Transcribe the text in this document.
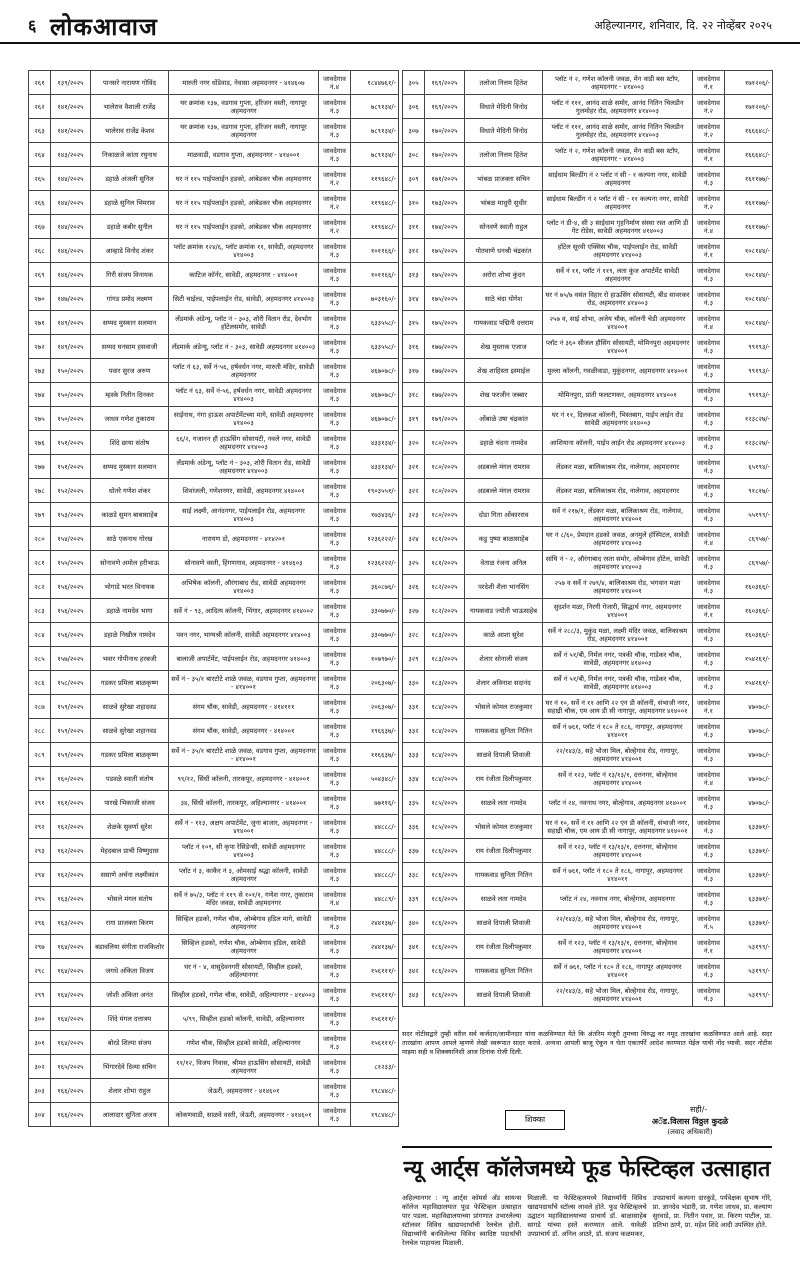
६ लोकआवाज	अहिल्यानगर, शनिवार, दि. २२ नोव्हेंबर २०२५
२६१	१३९/२०२५	पानसरे नारायण गोविंद	मारुती नगर धोंडेवाड, नेवासा अहमदनगर - ४१४६०७	जावदेगाव नं.४	१८४४७६१/-
२६२	१४१/२०२५	भालेराव वैशाली राजेंद्र	घर क्रमांक १३७, वडगाव गुप्ता, हरिजन वस्ती, नागापूर अहमदनगर	जावदेगाव नं.३	७८९१३४/-
२६३	१४१/२०२५	भालेराव राजेंद्र केशव	घर क्रमांक १३७, वडगाव गुप्ता, हरिजन वस्ती, नागापूर अहमदनगर	जावदेगाव नं.३	७८९१३४/-
२६४	१४३/२०२५	निकाळजे कांता रघुनाथ	माळवाडी, वडगाव गुप्ता, अहमदनगर - ४१४००१	जावदेगाव नं.३	७८९१३४/-
२६५	१४४/२०२५	डहाळे अंजली सुनिल	घर नं ११५ पाईपलाईन हडको, आंबेडकर चौक अहमदनगर	जावदेगाव नं.२	११९६४८/-
२६६	१४४/२०२५	डहाळे सुनिल भिमराव	घर नं ११५ पाईपलाईन हडको, आंबेडकर चौक अहमदनगर	जावदेगाव नं.२	११९६४८/-
२६७	१४४/२०२५	डहाळे कबीर सुनील	घर नं ११५ पाईपलाईन हडको, आंबेडकर चौक अहमदनगर	जावदेगाव नं.२	११९६४८/-
२६८	१४६/२०२५	आव्हाडे विनोद शंकर	प्लॉट क्रमांक १२४/६, प्लॉट क्रमांक ११, सावेडी, अहमदनगर ४१४००३	जावदेगाव नं.३	१०११६६/-
२६९	१४६/२०२५	गिरी संजय विनायक	काटिज कॉर्नर, सावेडी, अहमदनगर - ४१४००१	जावदेगाव नं.३	१०११६६/-
२७०	१४७/२०२५	गांगड प्रमोद लक्ष्मण	सिटी चाईल्ड, पाईपलाईन रोड, सावेडी, अहमदनगर ४१४००३	जावदेगाव नं.३	७०३१६०/-
२७१	१४९/२०२५	सय्यद मुस्कान सलमान	लँडमार्क अंडेन्यू, प्लॉट नं - ३०३, शोरी वितान रोड, देवभोग हॉटेलसमोर, सावेडी	जावदेगाव नं.३	६३३५५८/-
२७२	१४९/२०२५	सय्यद घनसाम हसवाजी	लँडमार्क अंडेन्यू, प्लॉट नं - ३०३, सावेडी अहमदनगर ४१४००३	जावदेगाव नं.३	६३३५५८/-
२७३	१५०/२०२५	पवार सुरज अरुण	प्लॉट नं ६३, सर्वे नं-५६, हर्षवर्धन नगर, मारुती मंदिर, सावेडी अहमदनगर	जावदेगाव नं.३	४६७०७८/-
२७४	१५०/२०२५	म्हस्के नितीन दिनकर	प्लॉट नं ६३, सर्वे नं-५६, हर्षवर्धन नगर, सावेडी अहमदनगर ४१४००३	जावदेगाव नं.३	४६७०७८/-
२७५	१५०/२०२५	जाधव गणेश तुकाराम	साईनाथ, गंगा हाऊस अपार्टमेंटच्या मागे, सावेडी अहमदनगर ४१४००३	जावदेगाव नं.३	४६७०७८/-
२७६	१५१/२०२५	शिंदे छाया संतोष	६६/२, गजानन हौ हाऊसिंग सोसायटी, नवले नगर, सावेडी अहमदनगर ४१४००३	जावदेगाव नं.३	४३३१३४/-
२७७	१५१/२०२५	सय्यद मुस्कान सलमान	लँडमार्क अंडेन्यू, प्लॉट नं - ३०३, शोरी वितान रोड, सावेडी अहमदनगर ४१४००३	जावदेगाव नं.३	४३३१३४/-
२७८	१५२/२०२५	धोतरे गणेश शंकर	शिवांजली, गणेशनगर, सावेडी, अहमदनगर ४१४००१	जावदेगाव नं.३	१९०३५५१/-
२७९	१५३/२०२५	काळडे सुमन बाबासाहेब	साई लक्ष्मी, आनंदनगर, पाईपलाईन रोड, अहमदनगर ४१४००३	जावदेगाव नं.३	१७३४३६/-
२८०	१५४/२०२५	साठे एकनाथ गोरख	नारायण डो, अहमदनगर - ४१४२०१	जावदेगाव नं.३	१२३६२२२/-
२८१	१५५/२०२५	सोनावणे अमोल हरीभाऊ	सोनावणे वस्ती, हिंगणगाव, अहमदनगर - ४१४६०३	जावदेगाव नं.३	१२३६२२२/-
२८२	१५६/२०२५	भोगाडे भरत विनायक	अभिषेक कॉलनी, औरंगाबाद रोड, सावेडी अहमदनगर ४१४००३	जावदेगाव नं.३	३६०८७६/-
२८३	१५६/२०२५	डहाळे नामदेव भागा	सर्वे नं - ९३, आदित्य कॉलनी, भिंगार, अहमदनगर ४१४००२	जावदेगाव नं.३	३३०७७०/-
२८४	१५६/२०२५	डहाळे निखील नामदेव	पवन नगर, भाग्यश्री कॉलनी, सावेडी अहमदनगर ४१४००३	जावदेगाव नं.३	३३०७७०/-
२८५	१५७/२०२५	भवार गोपीनाथ हरबजी	बालाजी अपार्टमेंट, पाईपलाईन रोड, अहमदनगर ४१४००३	जावदेगाव नं.३	१०७९७०/-
२८६	१५८/२०२५	गडकर प्रमिला बाळकृष्ण	सर्वे नं - ३५/१ बारटोटे शाळे जवळ, वडगाव गुप्ता, अहमदनगर - ४१४००१	जावदेगाव नं.३	२०६३०७/-
२८७	१५९/२०२५	साळवे सुरेखा शहादवड	संगम चौक, सावेडी, अहमदनगर - ४१४१११	जावदेगाव नं.३	२०६३०७/-
२८८	१५९/२०२५	साळवे सुरेखा शहानवड	संगम चौक, सावेडी, अहमदनगर - ४१४००१	जावदेगाव नं.३	१९६६३७/-
२८९	१५९/२०२५	गडकर प्रमिला बाळकृष्ण	सर्वे नं - ३५/१ बारटोटे शाळे जवळ, वडगाव गुप्ता, अहमदनगर - ४१४००१	जावदेगाव नं.३	११६६३७/-
२९०	१६०/२०२५	पडवळे स्वाती संतोष	९९/१२, सिंधी कॉलनी, तारकपूर, अहमदनगर - ४१४००१	जावदेगाव नं.३	५०४३४८/-
२९१	१६१/२०२५	पारखे भिकाजी संजय	३४, सिंधी कॉलनी, तारकपूर, अहिल्यानगर - ४१४००१	जावदेगाव नं.३	७७११६/-
२९२	१६२/२०२५	शेळके सुवर्णा सुरेश	सर्वे नं - ११३, अक्षय अपार्टमेंट, जुना बाजार, अहमदनगर - ४१४००१	जावदेगाव नं.३	४४८८८/-
२९३	१६२/२०२५	मेहदबाल प्राची विष्णुदास	प्लॉट नं १०९, सी कृपा रेसिडेन्सी, सावेडी अहमदनगर ४१४००३	जावदेगाव नं.३	४४८८८/-
२९४	१६२/२०२५	ससाणे अर्चना लक्ष्मीकांत	प्लॉट नं ३, काकैर नं ३, ओमसाई श्रद्धा कॉलनी, सावेडी अहमदनगर	जावदेगाव नं.३	४४८८८/-
२९५	१६३/२०२५	भोसले मंगल संतोष	सर्वे नं ७५/३, प्लॉट नं ११९ से १०१/१, गणेश नगर, तुकाराम मंदिर जवळ, सावेडी अहमदनगर	जावदेगाव नं.४	४४८८९/-
२९६	१६३/२०२५	रागा प्राजक्ता किरण	सिव्हिल हडको, गणेश चौक, ओम्बेगाव हडिल मागे, सावेडी अहमदनगर	जावदेगाव नं.३	२४४१३७/-
२९७	१६४/२०२५	बडावलिया संगीता राजकिशोर	सिव्हिल हडको, गणेश चौक, ओम्बेगाव हडिल, सावेडी अहमदनगर	जावदेगाव नं.३	२४४१३७/-
२९८	१६४/२०२५	जगधे अंकिता विजय	घर नं - ४, वासुदेवनगरी सोसायटी, सिव्हील हडको, अहिल्यानगर	जावदेगाव नं.३	१५६१११/-
२९९	१६४/२०२५	जोशी अंकिता अनंत	सिव्हील हडको, गणेश चौक, सावेडी, अहिल्यानगर - ४१४००३	जावदेगाव नं.३	१५६१११/-
३००	१६४/२०२५	शिंदे मंगल दत्तात्रय	५/९९, सिव्हील हडको कॉलनी, सावेडी, अहिल्यानगर	जावदेगाव नं.३	१५६१११/-
३०१	१६४/२०२५	बोरडे शिल्पा संजय	गणेश चौक, सिव्हील हडको सावेडी, अहिल्यानगर	जावदेगाव नं.३	१५६१११/-
३०२	१६५/२०२५	भिंगारदेवे दिव्या सचिन	११/१२, विजय निवास, श्रीमत हाऊसिंग सोसायटी, सावेडी अहमदनगर	जावदेगाव नं.३	८१२३३/-
३०३	१६६/२०२५	शेलार शोभा राहुल	जेऊरी, अहमदनगर - ४१४६०१	जावदेगाव नं.३	१९८४४८/-
३०४	१६६/२०२५	आलादार सुनिता अजय	कोकणवाडी, साळवे वस्ती, जेऊरी, अहमदनगर - ४१४६०१	जावदेगाव नं.३	१९८४४८/-
३०५	१६९/२०२५	तलोजा निलम हितेश	प्लॉट नं २, गणेश कॉलनी जवळ, मेन वाडी बस स्टॉप, अहमदनगर - ४१४००३	जावदेगाव नं.१	१७१२०६/-
३०६	१६९/२०२५	विधाते मेदिनी विनोद	प्लॉट नं १११, आनंद शाळे समोर, आनंद नितिन चिलडीन गुलमोहर रोड, अहमदनगर ४१४००३	जावदेगाव नं.२	१७१२०६/-
३०७	१७०/२०२५	विधाते मेदिनी विनोद	प्लॉट नं १११, आनंद शाळे समोर, आनंद नितिन चिलडीन गुलमोहर रोड, अहमदनगर ४१४००३	जावदेगाव नं.२	१६६६४८/-
३०८	१७०/२०२५	तलोजा निलम हितेश	प्लॉट नं २, गणेश कॉलनी जवळ, मेन वाडी बस स्टॉप, अहमदनगर - ४१४००३	जावदेगाव नं.१	१६६६४८/-
३०९	१७१/२०२५	भांबळ प्राजक्ता सचिन	साईधाम बिल्डींग नं २ प्लॉट नं सी - १ कल्पना नगर, सावेडी अहमदनगर	जावदेगाव नं.३	१६११७७/-
३१०	१७३/२०२५	भांबळ माधुरी सुधीर	साईधाम बिल्डींग नं २ प्लॉट नं सी - ११ कल्पना नगर, सावेडी अहमदनगर	जावदेगाव नं.२	१६११७७/-
३११	१७४/२०२५	सोनवणे स्वाती राहुल	प्लॉट नं डी-४, सी ३ साईधाम गृहनिर्माण संस्था रस्त आणि डी गेट रोडेस, सावेडी अहमदनगर ४१४००३	जावदेगाव नं.४	१६११७७/-
३१२	१७५/२०२५	पोतवाणे धनश्री चंद्रकांत	हॉटेल सूरवी एक्सिस चौक, पाईपलाईन रोड, सावेडी अहमदनगर ४१४००३	जावदेगाव नं.१	१०८१४४/-
३१३	१७५/२०२५	अरोरा शोभा कुंदन	सर्वे नं ११, प्लॉट नं ११९, लता कुंज अपार्टमेंट सावेडी अहमदनगर	जावदेगाव नं.३	१०८१४४/-
३१४	१७५/२०२५	साठे चंदा योगेश	घर नं ७५/७ वसंत विहार रो हाऊसिंग सोसायटी, बीड सावरकर रोड, अहमदनगर ४१४००३	जावदेगाव नं.३	१०८१४४/-
३१५	१७५/२०२५	गायकवाड पद्मिनी दत्तराम	२५७ व, साई शोभा, अजेय चौक, कॉलनी चेडी अहमदनगर ४१४००१	जावदेगाव नं.४	१०८१४४/-
३१६	१७७/२०२५	शेख मुस्ताक एजाज	प्लॉट नं ३६० सीजल हौसिंग सोसायटी, मोमिनपुरा अहमदनगर ४१४००१	जावदेगाव नं.३	९९१९३/-
३१७	१७७/२०२५	शेख शाहिस्ता इस्माईल	मुल्ला कॉलनी, गवळीवाडा, मुकुंदनगर, अहमदनगर ४१४००१	जावदेगाव नं.३	९९१९३/-
३१८	१७७/२०२५	शेख फरजीन जब्बार	मोमिनपुरा, प्रांती फलटणकर, अहमदनगर ४१४००१	जावदेगाव नं.३	९९१९३/-
३१९	१७९/२०२५	ओंबाळे उषा चंद्रकांत	घर नं ११, दिलकश कॉलनी, भिस्तबाग, पाईप लाईन रोड सावेडी अहमदनगर ४१४००३	जावदेगाव नं.३	१२३८२७/-
३२०	१८०/२०२५	डहाळे चंदना नामदेव	आशियाना कॉलनी, पाईप लाईन रोड अहमदनगर ४१४००३	जावदेगाव नं.३	१२३८२७/-
३२१	१८०/२०२५	अडबल्ले मंगल रामराव	लेंडकर मळा, बालिकाश्रम रोड, नालेगाव, अहमदनगर	जावदेगाव नं.३	६५१९४/-
३२२	१८०/२०२५	अडबल्ले मंगल रामराव	लेंडकर मळा, बालिकाश्रम रोड, नालेगाव, अहमदनगर	जावदेगाव नं.३	९१८१७/-
३२३	१८०/२०२५	दोडा गिता ओंकारराव	सर्वे नं २१७/१, लेंडकर मळा, बालिकाश्रम रोड, नालेगाव, अहमदनगर ४१४००१	जावदेगाव नं.३	५५१९९/-
३२४	१८१/२०२५	कडु पुष्पा बाळासाहेब	घर नं ८/६०, प्रेमदान हडको जवळ, अनमुले हॉस्पिटल, सावेडी अहमदनगर ४१४००३	जावदेगाव नं.४	८६९५७/-
३२५	१८१/२०२५	वेताळ रंजना अनिल	सांघि नं - २, औरंगाबाद रस्ता समोर, ओम्बेगाव हॉटेल, सावेडी अहमदनगर ४१४००३	जावदेगाव नं.३	८६९५७/-
३२६	१८२/२०२५	परदेशी शैला भानसिंग	२५७ व सर्वे नं २७९/४, बालिकाश्रम रोड, भगवान मळा अहमदनगर ४१४००१	जावदेगाव नं.३	१६०३६६/-
३२७	१८२/२०२५	गायकवाड ज्योती भाऊसाहेब	सुदर्शन मळा, निरगी गेजारी, सिद्धार्थ नगर, अहमदनगर ४१४००१	जावदेगाव नं.१	१६०३६६/-
३२८	१८३/२०२५	काळे आशा सुरेश	सर्वे नं २८८/३, मुकुंद मळा, लक्ष्मी मंदिर जवळ, बालिकाश्रम रोड, अहमदनगर ४१४००१	जावदेगाव नं.३	१६०३६६/-
३२९	१८३/२०२५	शेलार सोनाली संजय	सर्वे नं ५१/बी, निर्मल नगर, पत्रकी चौक, गाडेकर चौक, सावेडी, अहमदनगर ४१४००३	जावदेगाव नं.३	१५४२६१/-
३३०	१८३/२०२५	शेलार अविनाश सदानंद	सर्वे नं ५१/बी, निर्मल नगर, पत्रकी चौक, गाडेकर चौक, सावेडी, अहमदनगर ४१४००३	जावदेगाव नं.३	१५४२६१/-
३३१	१८४/२०२५	भोसले कोमल राजकुमार	घर नं १०, सर्वे नं ११ आणि २२ एन डी कॉलनी, संभाजी नगर, सहाद्री चौक, एम आय डी सी नागापुर, अहमदनगर ४१४००१	जावदेगाव नं.१	४७०७८/-
३३२	१८४/२०२५	गायकवाड सुनिता नितिन	सर्वे नं ७६१, प्लॉट नं १८० ते १८६, नागापूर, अहमदनगर ४१४०११	जावदेगाव नं.३	४७०७८/-
३३३	१८४/२०२५	साळवे दिपाली शिवाजी	२२/१४३/३, सहे भोजा मिल, बोल्हेगाव रोड, नागापूर, अहमदनगर ४१४००१	जावदेगाव नं.३	४७०७८/-
३३४	१८४/२०२५	राय रंजीता दिलीपकुमार	सर्वे नं १२३, प्लॉट नं १३/१३/१, दत्तनगर, बोल्हेगाव अहमदनगर ४१४००१	जावदेगाव नं.४	४७०७८/-
३३५	१८५/२०२५	साळवे लता नामदेव	प्लॉट नं २४, नवनाथ नगर, बोल्हेगाव, अहमदनगर ४१४००१	जावदेगाव नं.३	४७०७८/-
३३६	१८५/२०२५	भोसले कोमल राजकुमार	घर नं १०, सर्वे नं ११ आणि २२ एन डी कॉलनी, संभाजी नगर, सहाद्री चौक, एम आय डी सी नागापुर, अहमदनगर ४१४००१	जावदेगाव नं.३	६३३७१/-
३३७	१८६/२०२५	राय रंजीता दिलीपकुमार	सर्वे नं १२३, प्लॉट नं १३/१३/१, दत्तनगर, बोल्हेगाव अहमदनगर ४१४००१	जावदेगाव नं.३	६३३७१/-
३३८	१८६/२०२५	गायकवाड सुनिता नितिन	सर्वे नं ७६१, प्लॉट नं १८० ते १८६, नागापूर, अहमदनगर ४१४०११	जावदेगाव नं.३	६३३७१/-
३३९	१८६/२०२५	साळवे लता नामदेव	प्लॉट नं २४, नवनाथ नगर, बोल्हेगाव, अहमदनगर	जावदेगाव नं.३	६३३७१/-
३४०	१८६/२०२५	साळवे दिपाली शिवाजी	२२/१४३/३, सहे भोजा मिल, बोल्हेगाव रोड, नागापूर, अहमदनगर ४१४००१	जावदेगाव नं.५	६३३७१/-
३४१	१८६/२०२५	राय रंजीता दिलीपकुमार	सर्वे नं १२३, प्लॉट नं १३/१३/१, दत्तनगर, बोल्हेगाव अहमदनगर ४१४००१	जावदेगाव नं.१	५३१९९/-
३४२	१८६/२०२५	गायकवाड सुनिता नितिन	सर्वे नं ७६१, प्लॉट नं १८० ते १८६, नागापूर अहमदनगर ४१४०११	जावदेगाव नं.३	५३१९९/-
३४३	१८६/२०२५	साळवे दिपाली शिवाजी	२२/१४३/३, सहे भोजा मिल, बोल्हेगाव रोड, नागापूर, अहमदनगर ४१४००१	जावदेगाव नं.३	५३१९९/-
सदर नोटीसद्वारे तुम्ही वरील सर्व कर्जदार/जामीनदार यांना कळविण्यात येते कि अंतरिम मंजूरी तुमच्या विरुद्ध वर नमूद तारखांना कळविण्यात आले आहे. सदर तारखांना आपण आपले म्हणणे लेखी स्वरूपात सादर करावे. अन्यथा आपली बाजू ऐकून न घेता एकतर्फी आदेश करण्यात येईल याची नोंद घ्यावी. सदर नोटीस माझ्या सही व शिक्क्यानिशी आज दिनांक रोजी दिली.
शिक्का
सही/-
अॅड.विलास विठ्ठल कुदळे
(लवाद अधिकारी)
न्यू आर्ट्स कॉलेजमध्ये फूड फेस्टिव्हल उत्साहात

अहिल्यानगर : न्यू आर्ट्स कॉमर्स अँड सायन्स कॉलेज महाविद्यालयात फूड फेस्टिव्हल उत्साहात पार पडला. महाविद्यालयाच्या प्रांगणात उभारलेल्या स्टॉलवर विविध खाद्यपदार्थांची रेलचेल होती. विद्यार्थ्यांनी बनविलेल्या विविध स्वादिष्ट पदार्थांची रेलचेल पाहायला मिळाली.

मिळाली. या फेस्टिव्हलमध्ये विद्यार्थ्यांनी विविध खाद्यपदार्थांचे स्टॉल्स लावले होते. फूड फेस्टिव्हलचे उद्घाटन महाविद्यालयाच्या प्राचार्य डॉ. बाळासाहेब सागडे यांच्या हस्ते करण्यात आले. यावेळी उपप्राचार्य डॉ. अनिल आठरे, डॉ. संजय कळमकर,

उपप्राचार्य कल्पना दारकुंडे, पर्यवेक्षक सुभाष गोरे, प्रा. ज्ञानदेव भंडारी, प्रा. गणेश जाधव, प्रा. कल्याण सुरवाडे, प्रा. नितीन पवार, प्रा. किरण पाटील, प्रा. प्रतिभा ठाणे, प्रा. महेश शिंदे आदी उपस्थित होते.
